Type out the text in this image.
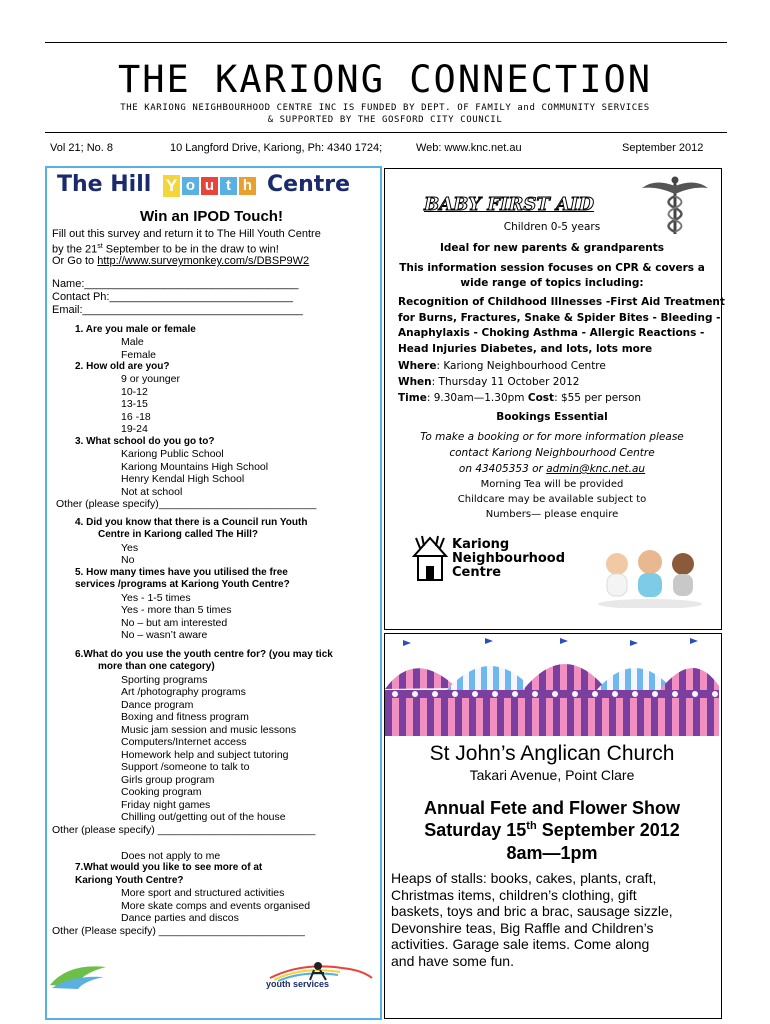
THE KARIONG CONNECTION
THE KARIONG NEIGHBOURHOOD CENTRE INC IS FUNDED BY DEPT. OF FAMILY and COMMUNITY SERVICES
& SUPPORTED BY THE GOSFORD CITY COUNCIL
Vol 21; No. 8	10 Langford Drive, Kariong, Ph: 4340 1724;	Web: www.knc.net.au	September 2012
The Hill Y o u t h Centre
Win an IPOD Touch!
Fill out this survey and return it to The Hill Youth Centre
by the 21st September to be in the draw to win!
Or Go to http://www.surveymonkey.com/s/DBSP9W2
Name:___________________________________
Contact Ph:______________________________
Email:____________________________________
1. Are you male or female
Male
Female
2. How old are you?
9 or younger
10-12
13-15
16 -18
19-24
3. What school do you go to?
Kariong Public School
Kariong Mountains High School
Henry Kendal High School
Not at school
Other (please specify)___________________________
4. Did you know that there is a Council run Youth
Centre in Kariong called The Hill?
Yes
No
5. How many times have you utilised the free
services /programs at Kariong Youth Centre?
Yes - 1-5 times
Yes - more than 5 times
No – but am interested
No – wasn’t aware
6.What do you use the youth centre for? (you may tick
more than one category)
Sporting programs
Art /photography programs
Dance program
Boxing and fitness program
Music jam session and music lessons
Computers/Internet access
Homework help and subject tutoring
Support /someone to talk to
Girls group program
Cooking program
Friday night games
Chilling out/getting out of the house
Other (please specify) ___________________________
Does not apply to me
7.What would you like to see more of at
Kariong Youth Centre?
More sport and structured activities
More skate comps and events organised
Dance parties and discos
Other (Please specify) _________________________
youth services
BABY FIRST AID
Children 0-5 years
Ideal for new parents & grandparents
This information session focuses on CPR & covers a
wide range of topics including:
Recognition of Childhood Illnesses -First Aid Treatment
for Burns, Fractures, Snake & Spider Bites - Bleeding -
Anaphylaxis - Choking Asthma - Allergic Reactions -
Head Injuries Diabetes, and lots, lots more
Where: Kariong Neighbourhood Centre
When: Thursday 11 October 2012
Time: 9.30am—1.30pm Cost: $55 per person
Bookings Essential
To make a booking or for more information please
contact Kariong Neighbourhood Centre
on 43405353 or admin@knc.net.au
Morning Tea will be provided
Childcare may be available subject to
Numbers— please enquire
Kariong
Neighbourhood
Centre
St John’s Anglican Church
Takari Avenue, Point Clare
Annual Fete and Flower Show
Saturday 15th September 2012
8am—1pm
Heaps of stalls: books, cakes, plants, craft,
Christmas items, children’s clothing, gift
baskets, toys and bric a brac, sausage sizzle,
Devonshire teas, Big Raffle and Children’s
activities. Garage sale items. Come along
and have some fun.
